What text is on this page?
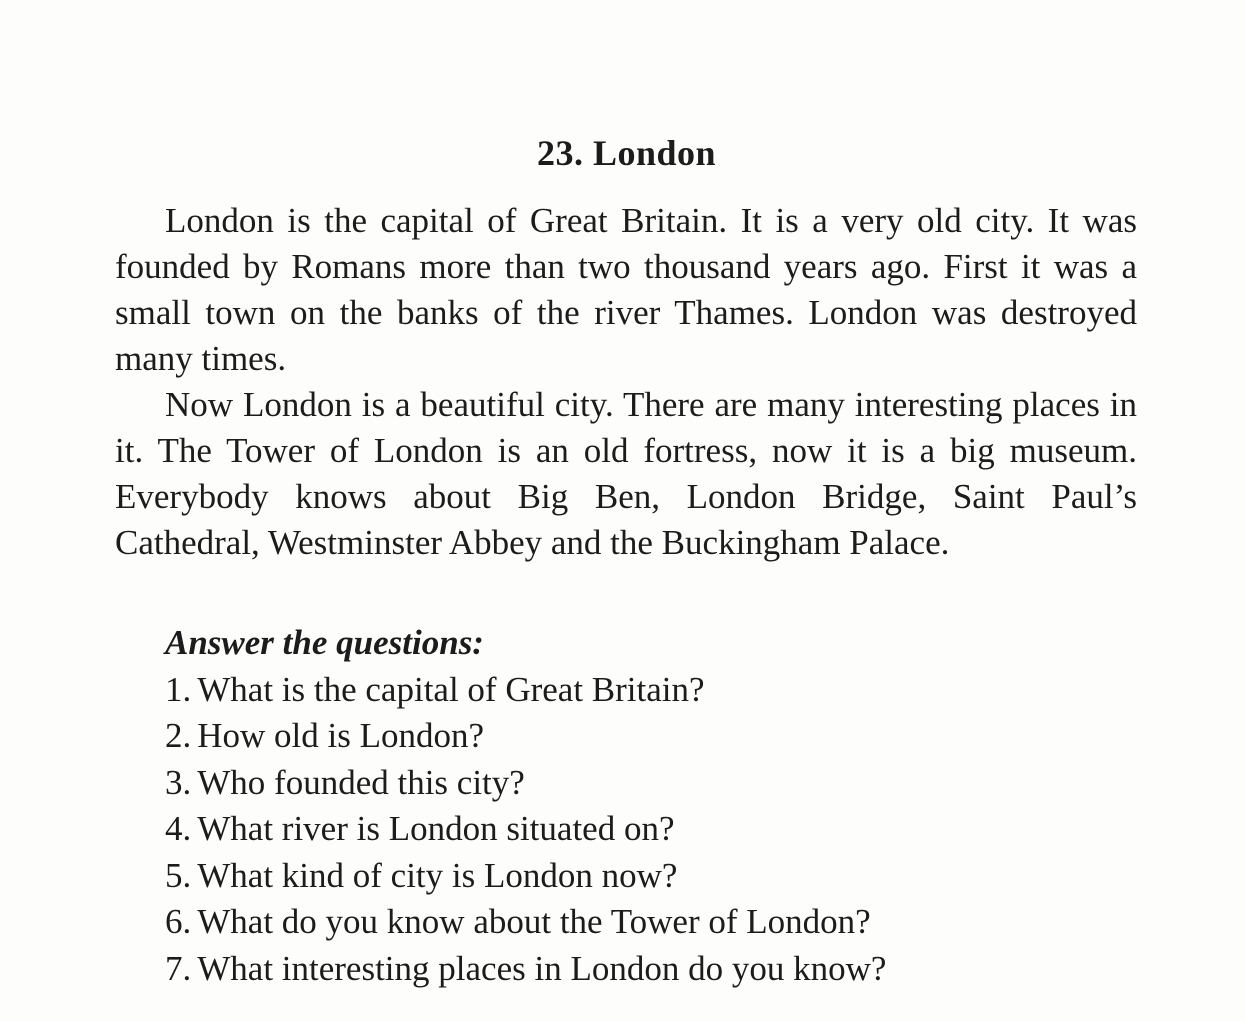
23. London

London is the capital of Great Britain. It is a very old city. It was founded by Romans more than two thousand years ago. First it was a small town on the banks of the river Thames. London was destroyed many times.

Now London is a beautiful city. There are many interesting places in it. The Tower of London is an old fortress, now it is a big museum. Everybody knows about Big Ben, London Bridge, Saint Paul’s Cathedral, Westminster Abbey and the Buckingham Palace.

Answer the questions:

1. What is the capital of Great Britain?
2. How old is London?
3. Who founded this city?
4. What river is London situated on?
5. What kind of city is London now?
6. What do you know about the Tower of London?
7. What interesting places in London do you know?
